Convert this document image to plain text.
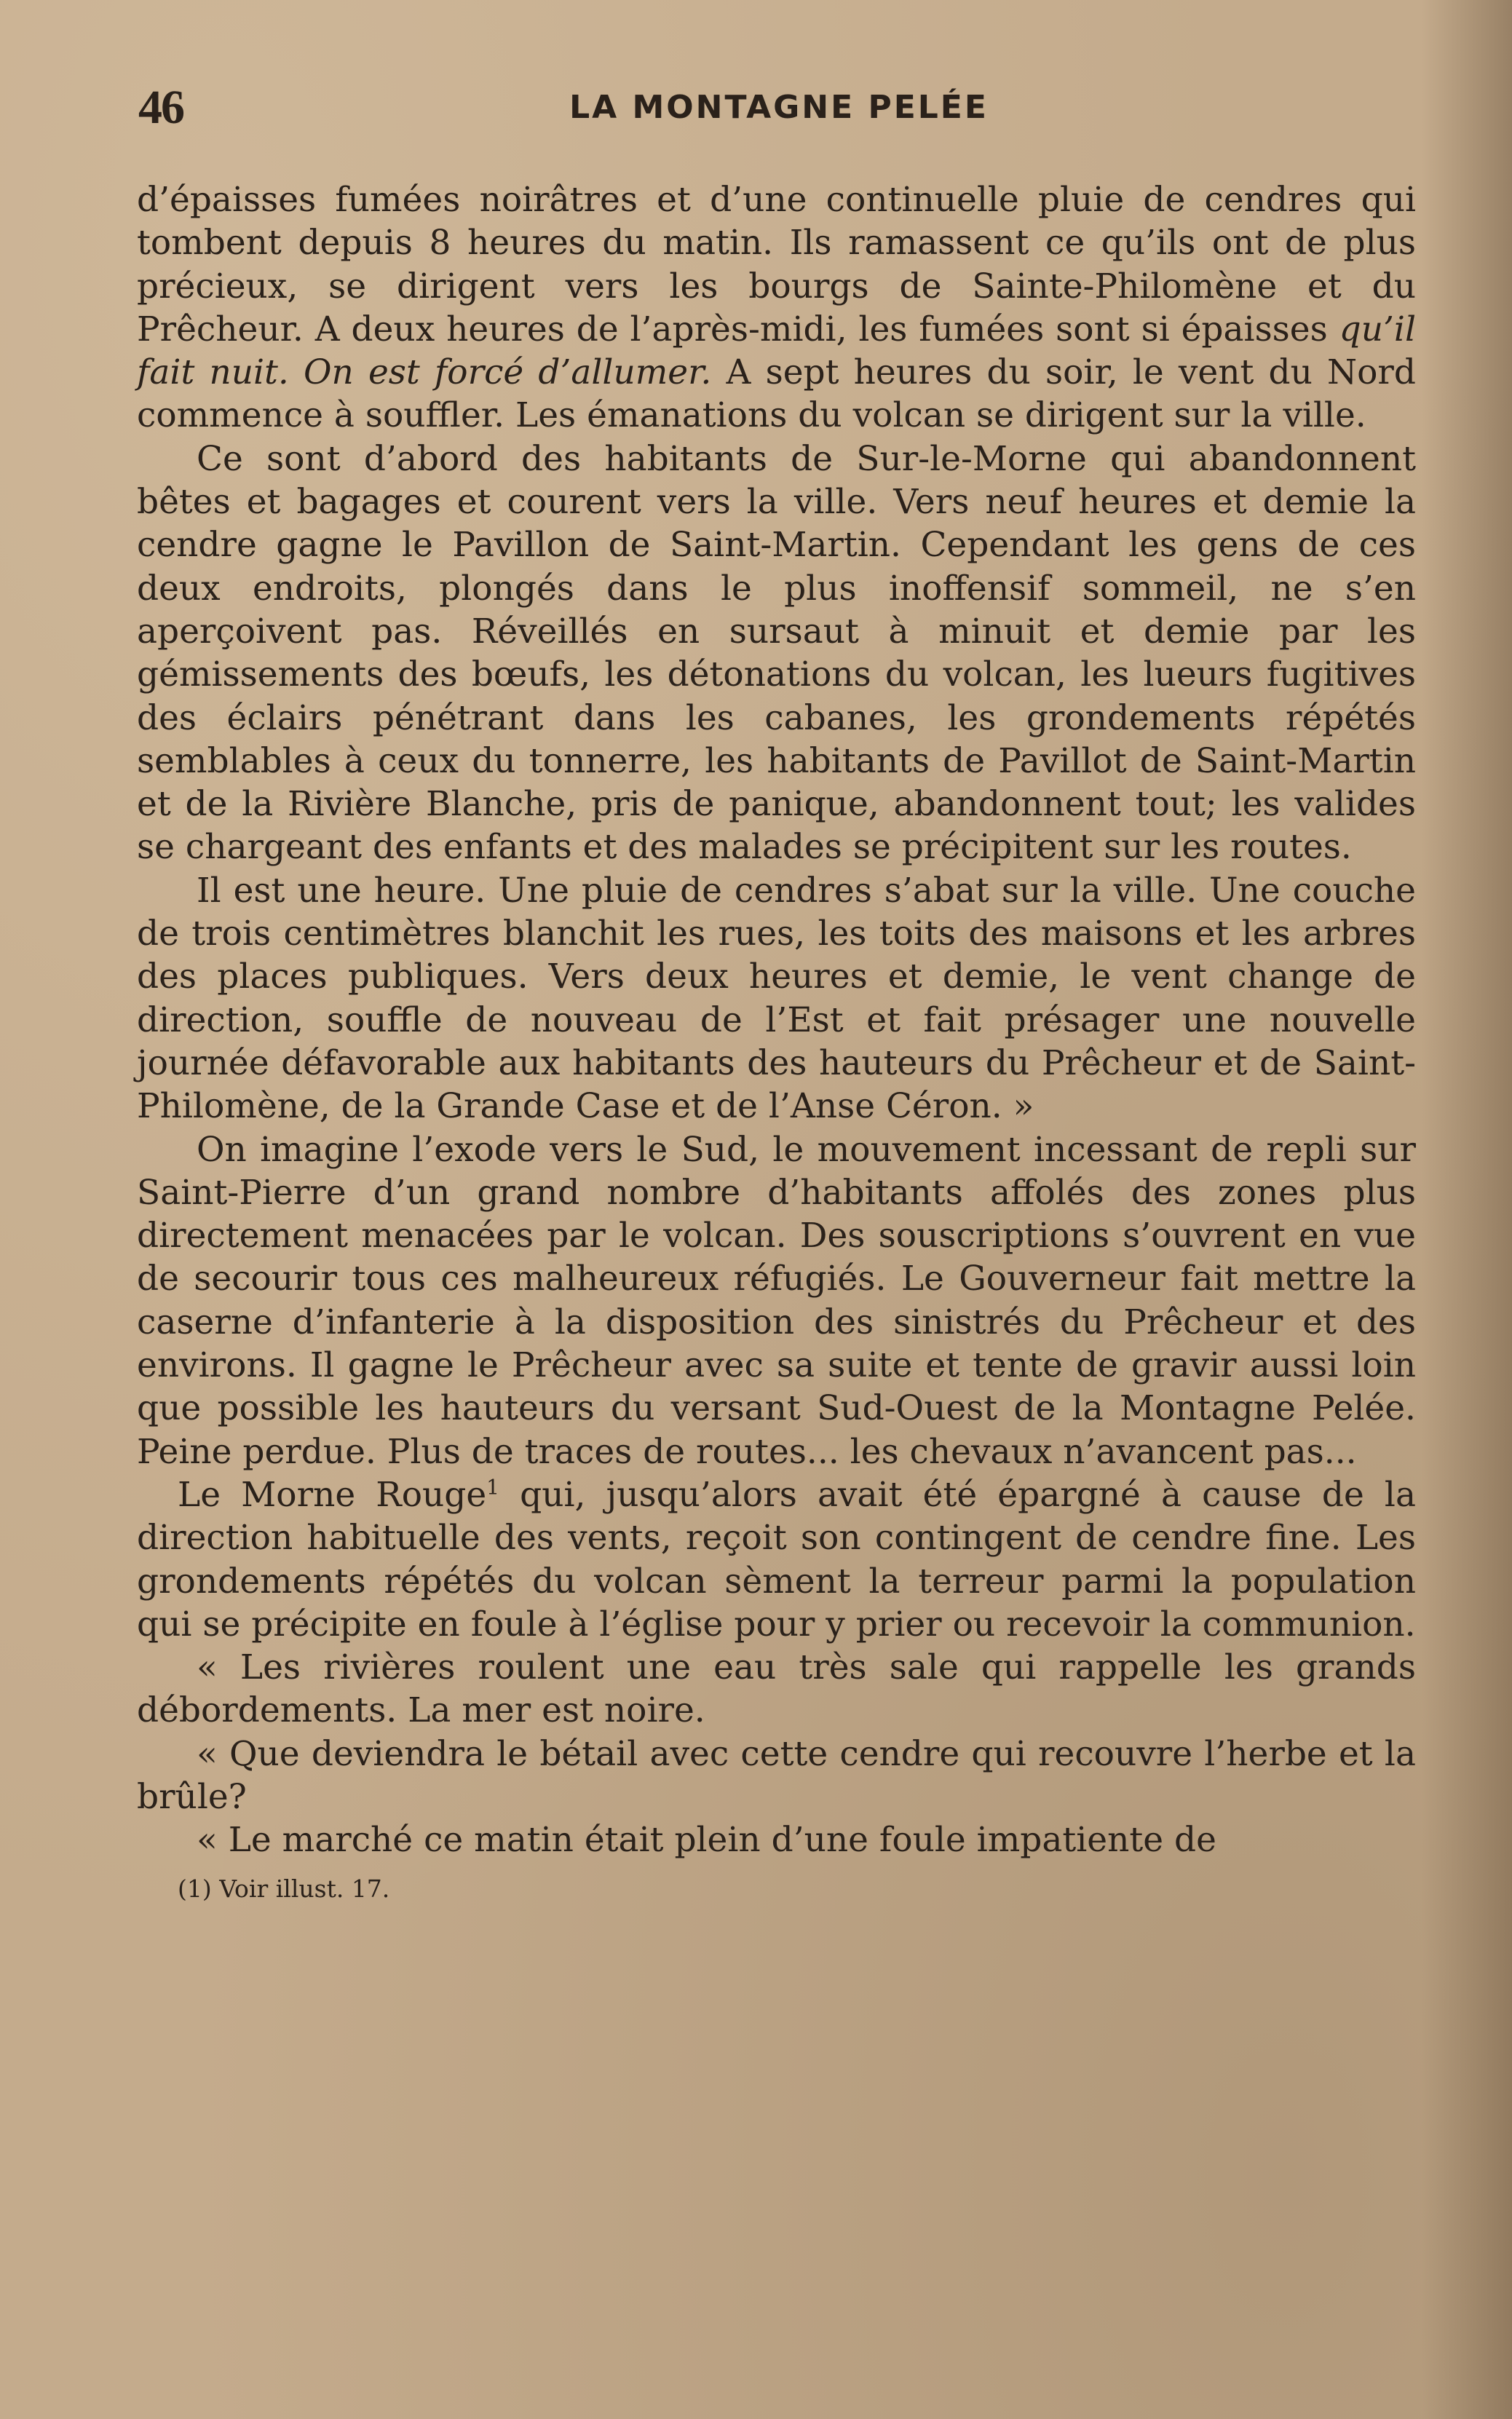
46	LA MONTAGNE PELÉE

d’épaisses fumées noirâtres et d’une continuelle pluie de cendres qui tombent depuis 8 heures du matin. Ils ramassent ce qu’ils ont de plus précieux, se dirigent vers les bourgs de Sainte-Philomène et du Prêcheur. A deux heures de l’après-midi, les fumées sont si épaisses qu’il fait nuit. On est forcé d’allumer. A sept heures du soir, le vent du Nord commence à souffler. Les émanations du volcan se dirigent sur la ville.

Ce sont d’abord des habitants de Sur-le-Morne qui abandonnent bêtes et bagages et courent vers la ville. Vers neuf heures et demie la cendre gagne le Pavillon de Saint-Martin. Cependant les gens de ces deux endroits, plongés dans le plus inoffensif sommeil, ne s’en aperçoivent pas. Réveillés en sursaut à minuit et demie par les gémissements des bœufs, les détonations du volcan, les lueurs fugitives des éclairs pénétrant dans les cabanes, les grondements répétés semblables à ceux du tonnerre, les habitants de Pavillot de Saint-Martin et de la Rivière Blanche, pris de panique, abandonnent tout; les valides se chargeant des enfants et des malades se précipitent sur les routes.

Il est une heure. Une pluie de cendres s’abat sur la ville. Une couche de trois centimètres blanchit les rues, les toits des maisons et les arbres des places publiques. Vers deux heures et demie, le vent change de direction, souffle de nouveau de l’Est et fait présager une nouvelle journée défavorable aux habitants des hauteurs du Prêcheur et de Saint-Philomène, de la Grande Case et de l’Anse Céron. »

On imagine l’exode vers le Sud, le mouvement incessant de repli sur Saint-Pierre d’un grand nombre d’habitants affolés des zones plus directement menacées par le volcan. Des souscriptions s’ouvrent en vue de secourir tous ces malheureux réfugiés. Le Gouverneur fait mettre la caserne d’infanterie à la disposition des sinistrés du Prêcheur et des environs. Il gagne le Prêcheur avec sa suite et tente de gravir aussi loin que possible les hauteurs du versant Sud-Ouest de la Montagne Pelée. Peine perdue. Plus de traces de routes... les chevaux n’avancent pas...

Le Morne Rouge$^1$ qui, jusqu’alors avait été épargné à cause de la direction habituelle des vents, reçoit son contingent de cendre fine. Les grondements répétés du volcan sèment la terreur parmi la population qui se précipite en foule à l’église pour y prier ou recevoir la communion.

« Les rivières roulent une eau très sale qui rappelle les grands débordements. La mer est noire.

« Que deviendra le bétail avec cette cendre qui recouvre l’herbe et la brûle?

« Le marché ce matin était plein d’une foule impatiente de

(1) Voir illust. 17.
